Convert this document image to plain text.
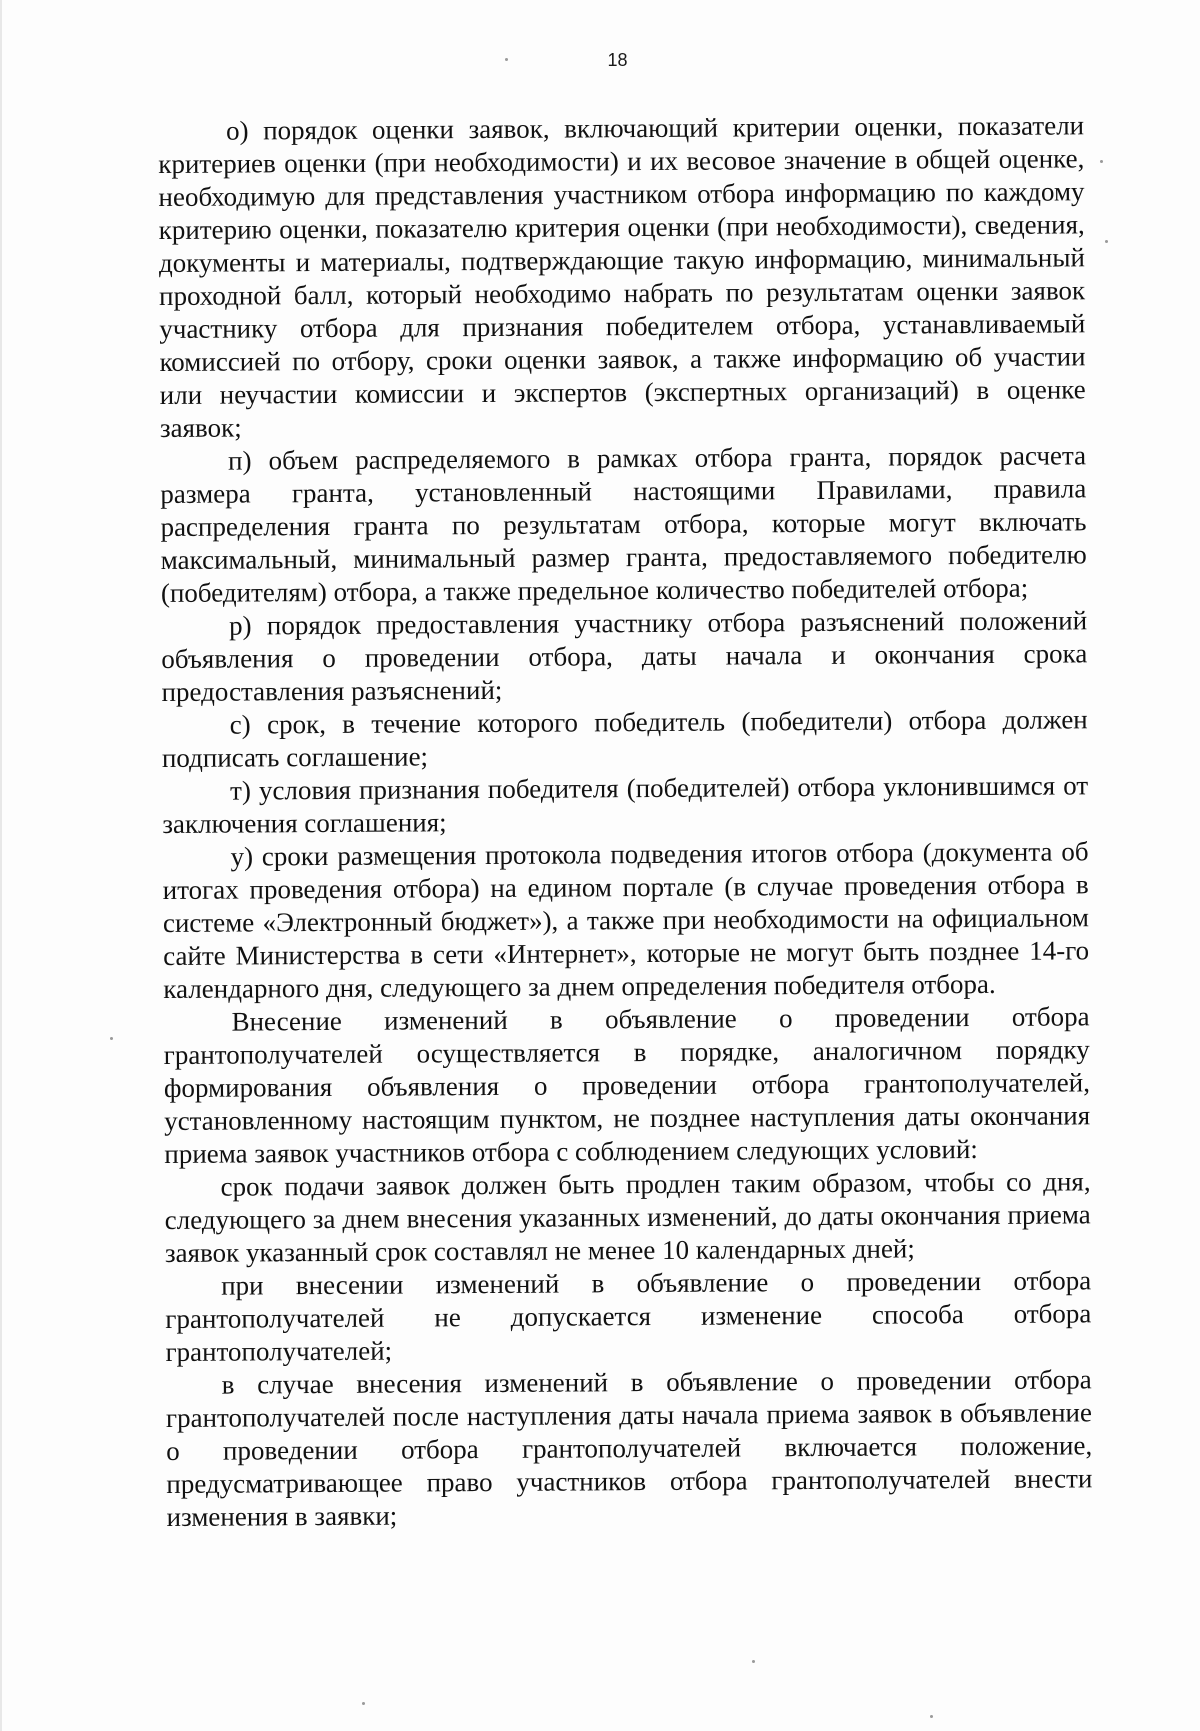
18

о) порядок оценки заявок, включающий критерии оценки, показатели критериев оценки (при необходимости) и их весовое значение в общей оценке, необходимую для представления участником отбора информацию по каждому критерию оценки, показателю критерия оценки (при необходимости), сведения, документы и материалы, подтверждающие такую информацию, минимальный проходной балл, который необходимо набрать по результатам оценки заявок участнику отбора для признания победителем отбора, устанавливаемый комиссией по отбору, сроки оценки заявок, а также информацию об участии или неучастии комиссии и экспертов (экспертных организаций) в оценке заявок;

п) объем распределяемого в рамках отбора гранта, порядок расчета размера гранта, установленный настоящими Правилами, правила распределения гранта по результатам отбора, которые могут включать максимальный, минимальный размер гранта, предоставляемого победителю (победителям) отбора, а также предельное количество победителей отбора;

р) порядок предоставления участнику отбора разъяснений положений объявления о проведении отбора, даты начала и окончания срока предоставления разъяснений;

с) срок, в течение которого победитель (победители) отбора должен подписать соглашение;

т) условия признания победителя (победителей) отбора уклонившимся от заключения соглашения;

у) сроки размещения протокола подведения итогов отбора (документа об итогах проведения отбора) на едином портале (в случае проведения отбора в системе «Электронный бюджет»), а также при необходимости на официальном сайте Министерства в сети «Интернет», которые не могут быть позднее 14-го календарного дня, следующего за днем определения победителя отбора.

Внесение изменений в объявление о проведении отбора грантополучателей осуществляется в порядке, аналогичном порядку формирования объявления о проведении отбора грантополучателей, установленному настоящим пунктом, не позднее наступления даты окончания приема заявок участников отбора с соблюдением следующих условий:

срок подачи заявок должен быть продлен таким образом, чтобы со дня, следующего за днем внесения указанных изменений, до даты окончания приема заявок указанный срок составлял не менее 10 календарных дней;

при внесении изменений в объявление о проведении отбора грантополучателей не допускается изменение способа отбора грантополучателей;

в случае внесения изменений в объявление о проведении отбора грантополучателей после наступления даты начала приема заявок в объявление о проведении отбора грантополучателей включается положение, предусматривающее право участников отбора грантополучателей внести изменения в заявки;
